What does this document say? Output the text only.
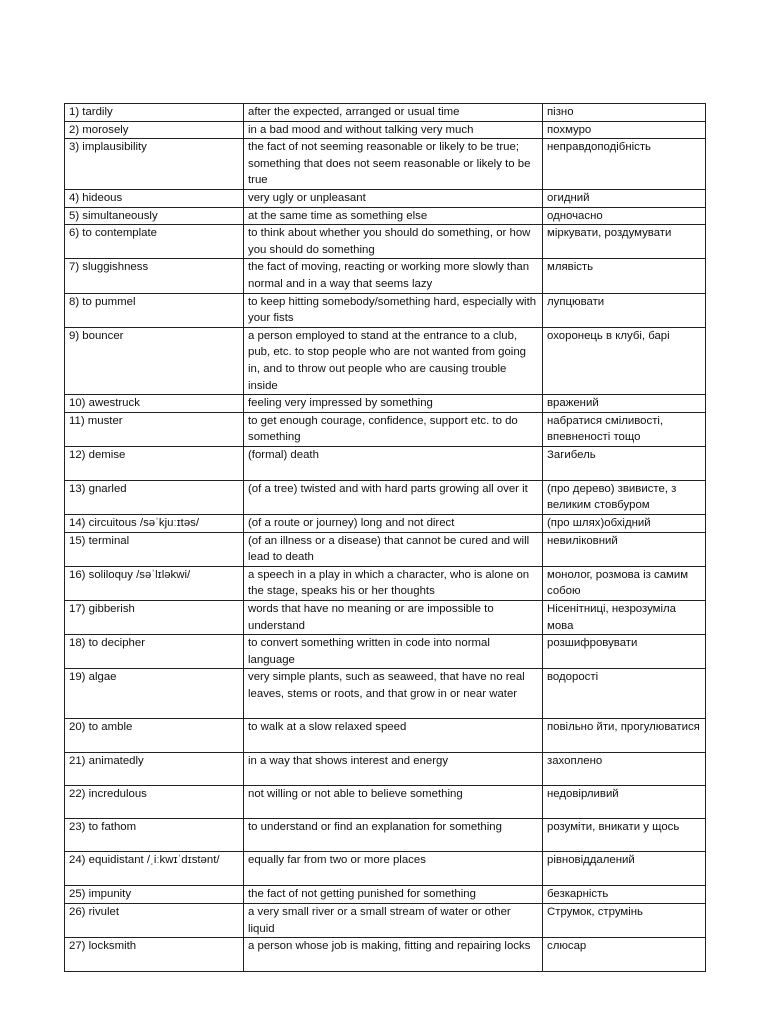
1) tardily	after the expected, arranged or usual time	пізно
2) morosely	in a bad mood and without talking very much	похмуро
3) implausibility	the fact of not seeming reasonable or likely to be true; something that does not seem reasonable or likely to be true	неправдоподібність
4) hideous	very ugly or unpleasant	огидний
5) simultaneously	at the same time as something else	одночасно
6) to contemplate	to think about whether you should do something, or how you should do something	міркувати, роздумувати
7) sluggishness	the fact of moving, reacting or working more slowly than normal and in a way that seems lazy	млявість
8) to pummel	to keep hitting somebody/something hard, especially with your fists	лупцювати
9) bouncer	a person employed to stand at the entrance to a club, pub, etc. to stop people who are not wanted from going in, and to throw out people who are causing trouble inside	охоронець в клубі, барі
10) awestruck	feeling very impressed by something	вражений
11) muster	to get enough courage, confidence, support etc. to do something	набратися сміливості, впевненості тощо
12) demise	(formal) death	Загибель
13) gnarled	(of a tree) twisted and with hard parts growing all over it	(про дерево) звивисте, з великим стовбуром
14) circuitous /səˈkjuːɪtəs/	(of a route or journey) long and not direct	(про шлях)обхідний
15) terminal	(of an illness or a disease) that cannot be cured and will lead to death	невиліковний
16) soliloquy /səˈlɪləkwi/	a speech in a play in which a character, who is alone on the stage, speaks his or her thoughts	монолог, розмова із самим собою
17) gibberish	words that have no meaning or are impossible to understand	Нісенітниці, незрозуміла мова
18) to decipher	to convert something written in code into normal language	розшифровувати
19) algae	very simple plants, such as seaweed, that have no real leaves, stems or roots, and that grow in or near water	водорості
20) to amble	to walk at a slow relaxed speed	повільно йти, прогулюватися
21) animatedly	in a way that shows interest and energy	захоплено
22) incredulous	not willing or not able to believe something	недовірливий
23) to fathom	to understand or find an explanation for something	розуміти, вникати у щось
24) equidistant /ˌiːkwɪˈdɪstənt/	equally far from two or more places	рівновіддалений
25) impunity	the fact of not getting punished for something	безкарність
26) rivulet	a very small river or a small stream of water or other liquid	Струмок, струмінь
27) locksmith	a person whose job is making, fitting and repairing locks	слюсар
